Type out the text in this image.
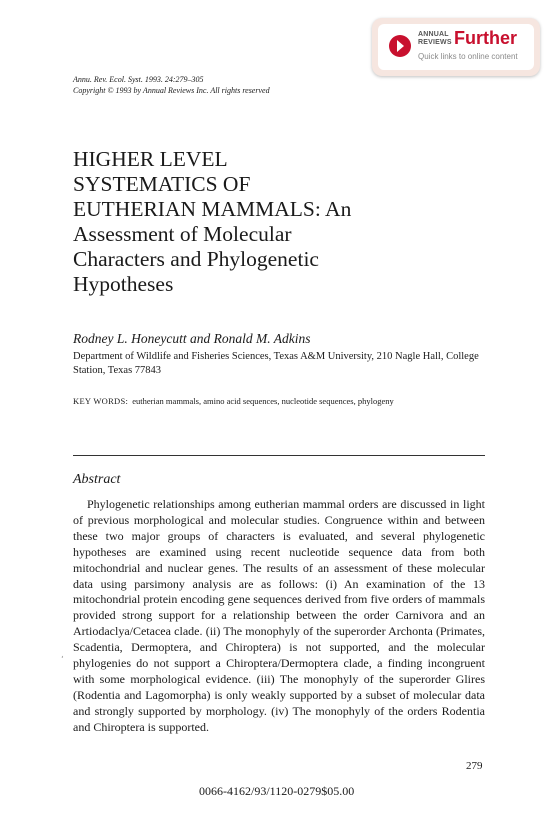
ANNUAL
REVIEWS Further
Quick links to online content
Annu. Rev. Ecol. Syst. 1993. 24:279–305
Copyright © 1993 by Annual Reviews Inc. All rights reserved
HIGHER LEVEL
SYSTEMATICS OF
EUTHERIAN MAMMALS: An
Assessment of Molecular
Characters and Phylogenetic
Hypotheses
Rodney L. Honeycutt and Ronald M. Adkins
Department of Wildlife and Fisheries Sciences, Texas A&M University, 210 Nagle Hall, College Station, Texas 77843
KEY WORDS: eutherian mammals, amino acid sequences, nucleotide sequences, phylogeny
Abstract

Phylogenetic relationships among eutherian mammal orders are discussed in light of previous morphological and molecular studies. Congruence within and between these two major groups of characters is evaluated, and several phylogenetic hypotheses are examined using recent nucleotide sequence data from both mitochondrial and nuclear genes. The results of an assessment of these molecular data using parsimony analysis are as follows: (i) An examination of the 13 mitochondrial protein encoding gene sequences derived from five orders of mammals provided strong support for a relationship between the order Carnivora and an Artiodaclya/Cetacea clade. (ii) The monophyly of the superorder Archonta (Primates, Scadentia, Dermoptera, and Chiroptera) is not supported, and the molecular phylogenies do not support a Chiroptera/Dermoptera clade, a finding incongruent with some morphological evidence. (iii) The monophyly of the superorder Glires (Rodentia and Lagomorpha) is only weakly supported by a subset of molecular data and strongly supported by morphology. (iv) The monophyly of the orders Rodentia and Chiroptera is supported.

¸
279
0066-4162/93/1120-0279$05.00
